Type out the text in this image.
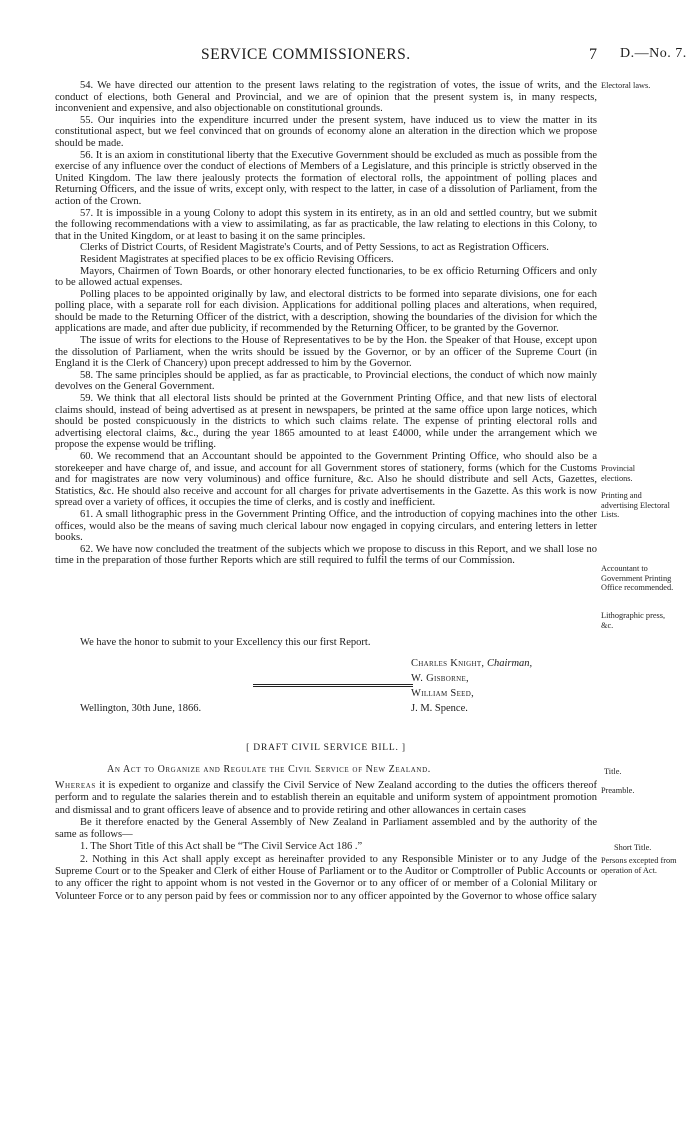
SERVICE COMMISSIONERS.	7 D.—No. 7.

54. We have directed our attention to the present laws relating to the registration of votes, the issue of writs, and the conduct of elections, both General and Provincial, and we are of opinion that the present system is, in many respects, inconvenient and expensive, and also objectionable on constitutional grounds.

55. Our inquiries into the expenditure incurred under the present system, have induced us to view the matter in its constitutional aspect, but we feel convinced that on grounds of economy alone an alteration in the direction which we propose should be made.

56. It is an axiom in constitutional liberty that the Executive Government should be excluded as much as possible from the exercise of any influence over the conduct of elections of Members of a Legislature, and this principle is strictly observed in the United Kingdom. The law there jealously protects the formation of electoral rolls, the appointment of polling places and Returning Officers, and the issue of writs, except only, with respect to the latter, in case of a dissolution of Parliament, from the action of the Crown.

57. It is impossible in a young Colony to adopt this system in its entirety, as in an old and settled country, but we submit the following recommendations with a view to assimilating, as far as practicable, the law relating to elections in this Colony, to that in the United Kingdom, or at least to basing it on the same principles.

Clerks of District Courts, of Resident Magistrate's Courts, and of Petty Sessions, to act as Registration Officers.

Resident Magistrates at specified places to be ex officio Revising Officers.

Mayors, Chairmen of Town Boards, or other honorary elected functionaries, to be ex officio Returning Officers and only to be allowed actual expenses.

Polling places to be appointed originally by law, and electoral districts to be formed into separate divisions, one for each polling place, with a separate roll for each division. Applications for additional polling places and alterations, when required, should be made to the Returning Officer of the district, with a description, showing the boundaries of the division for which the applications are made, and after due publicity, if recommended by the Returning Officer, to be granted by the Governor.

The issue of writs for elections to the House of Representatives to be by the Hon. the Speaker of that House, except upon the dissolution of Parliament, when the writs should be issued by the Governor, or by an officer of the Supreme Court (in England it is the Clerk of Chancery) upon precept addressed to him by the Governor.

58. The same principles should be applied, as far as practicable, to Provincial elections, the conduct of which now mainly devolves on the General Government.

59. We think that all electoral lists should be printed at the Government Printing Office, and that new lists of electoral claims should, instead of being advertised as at present in newspapers, be printed at the same office upon large notices, which should be posted conspicuously in the districts to which such claims relate. The expense of printing electoral rolls and advertising electoral claims, &c., during the year 1865 amounted to at least £4000, while under the arrangement which we propose the expense would be trifling.

60. We recommend that an Accountant should be appointed to the Government Printing Office, who should also be a storekeeper and have charge of, and issue, and account for all Government stores of stationery, forms (which for the Customs and for magistrates are now very voluminous) and office furniture, &c. Also he should distribute and sell Acts, Gazettes, Statistics, &c. He should also receive and account for all charges for private advertisements in the Gazette. As this work is now spread over a variety of offices, it occupies the time of clerks, and is costly and inefficient.

61. A small lithographic press in the Government Printing Office, and the introduction of copying machines into the other offices, would also be the means of saving much clerical labour now engaged in copying circulars, and entering letters in letter books.

62. We have now concluded the treatment of the subjects which we propose to discuss in this Report, and we shall lose no time in the preparation of those further Reports which are still required to fulfil the terms of our Commission.

Electoral laws.
Provincial elections.
Printing and advertising Electoral Lists.
Accountant to Government Printing Office recommended.
Lithographic press, &c.
We have the honor to submit to your Excellency this our first Report.
Charles Knight, Chairman,
W. Gisborne,
William Seed,
Wellington, 30th June, 1866.	J. M. Spence.
[ DRAFT CIVIL SERVICE BILL. ]
An Act to Organize and Regulate the Civil Service of New Zealand.	Title.

Whereas it is expedient to organize and classify the Civil Service of New Zealand according to the duties the officers thereof perform and to regulate the salaries therein and to establish therein an equitable and uniform system of appointment promotion and dismissal and to grant officers leave of absence and to provide retiring and other allowances in certain cases

Be it therefore enacted by the General Assembly of New Zealand in Parliament assembled and by the authority of the same as follows—

1. The Short Title of this Act shall be “The Civil Service Act 186 .”

2. Nothing in this Act shall apply except as hereinafter provided to any Responsible Minister or to any Judge of the Supreme Court or to the Speaker and Clerk of either House of Parliament or to the Auditor or Comptroller of Public Accounts or to any officer the right to appoint whom is not vested in the Governor or to any officer of or member of a Colonial Military or Volunteer Force or to any person paid by fees or commission nor to any officer appointed by the Governor to whose office salary

Preamble.
Short Title.
Persons excepted from operation of Act.
